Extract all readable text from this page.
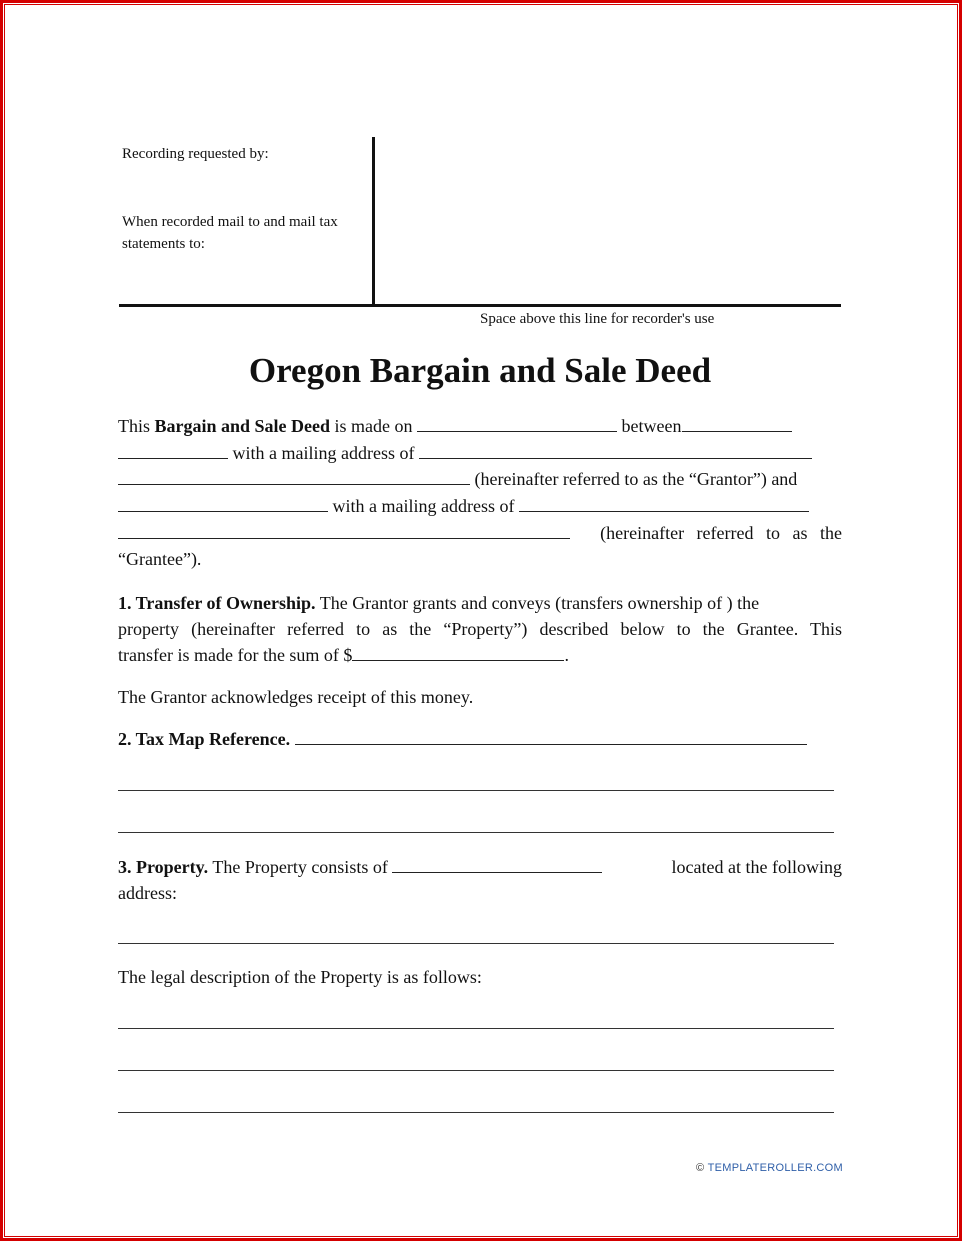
Recording requested by:
When recorded mail to and mail tax
statements to:
Space above this line for recorder's use
Oregon Bargain and Sale Deed
This Bargain and Sale Deed is made on	between
with a mailing address of
(hereinafter referred to as the “Grantor”) and
with a mailing address of
(hereinafter referred to as the
“Grantee”).
1. Transfer of Ownership. The Grantor grants and conveys (transfers ownership of ) the
property (hereinafter referred to as the “Property”) described below to the Grantee. This
transfer is made for the sum of $	.
The Grantor acknowledges receipt of this money.
2. Tax Map Reference.
3. Property. The Property consists of	located at the following
address:
The legal description of the Property is as follows:
© TEMPLATEROLLER.COM
